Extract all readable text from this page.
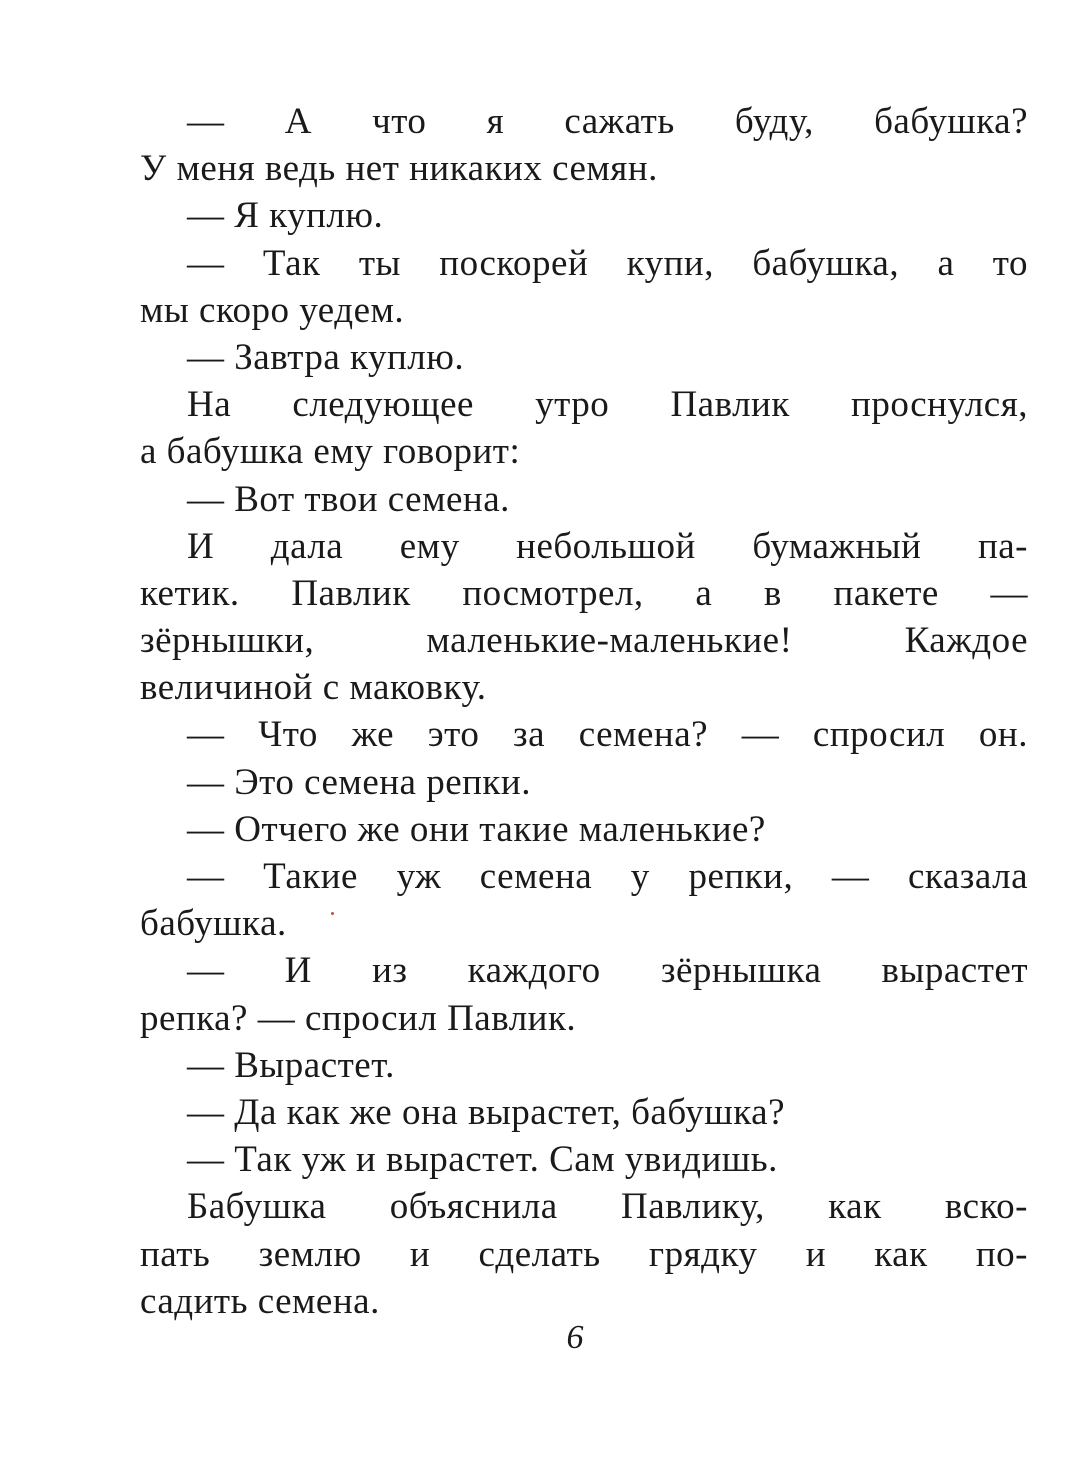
— А что я сажать буду, бабушка?
У меня ведь нет никаких семян.
— Я куплю.
— Так ты поскорей купи, бабушка, а то
мы скоро уедем.
— Завтра куплю.
На следующее утро Павлик проснулся,
а бабушка ему говорит:
— Вот твои семена.
И дала ему небольшой бумажный па-
кетик. Павлик посмотрел, а в пакете —
зёрнышки, маленькие-маленькие! Каждое
величиной с маковку.
— Что же это за семена? — спросил он.
— Это семена репки.
— Отчего же они такие маленькие?
— Такие уж семена у репки, — сказала
бабушка.
— И из каждого зёрнышка вырастет
репка? — спросил Павлик.
— Вырастет.
— Да как же она вырастет, бабушка?
— Так уж и вырастет. Сам увидишь.
Бабушка объяснила Павлику, как вско-
пать землю и сделать грядку и как по-
садить семена.
6
